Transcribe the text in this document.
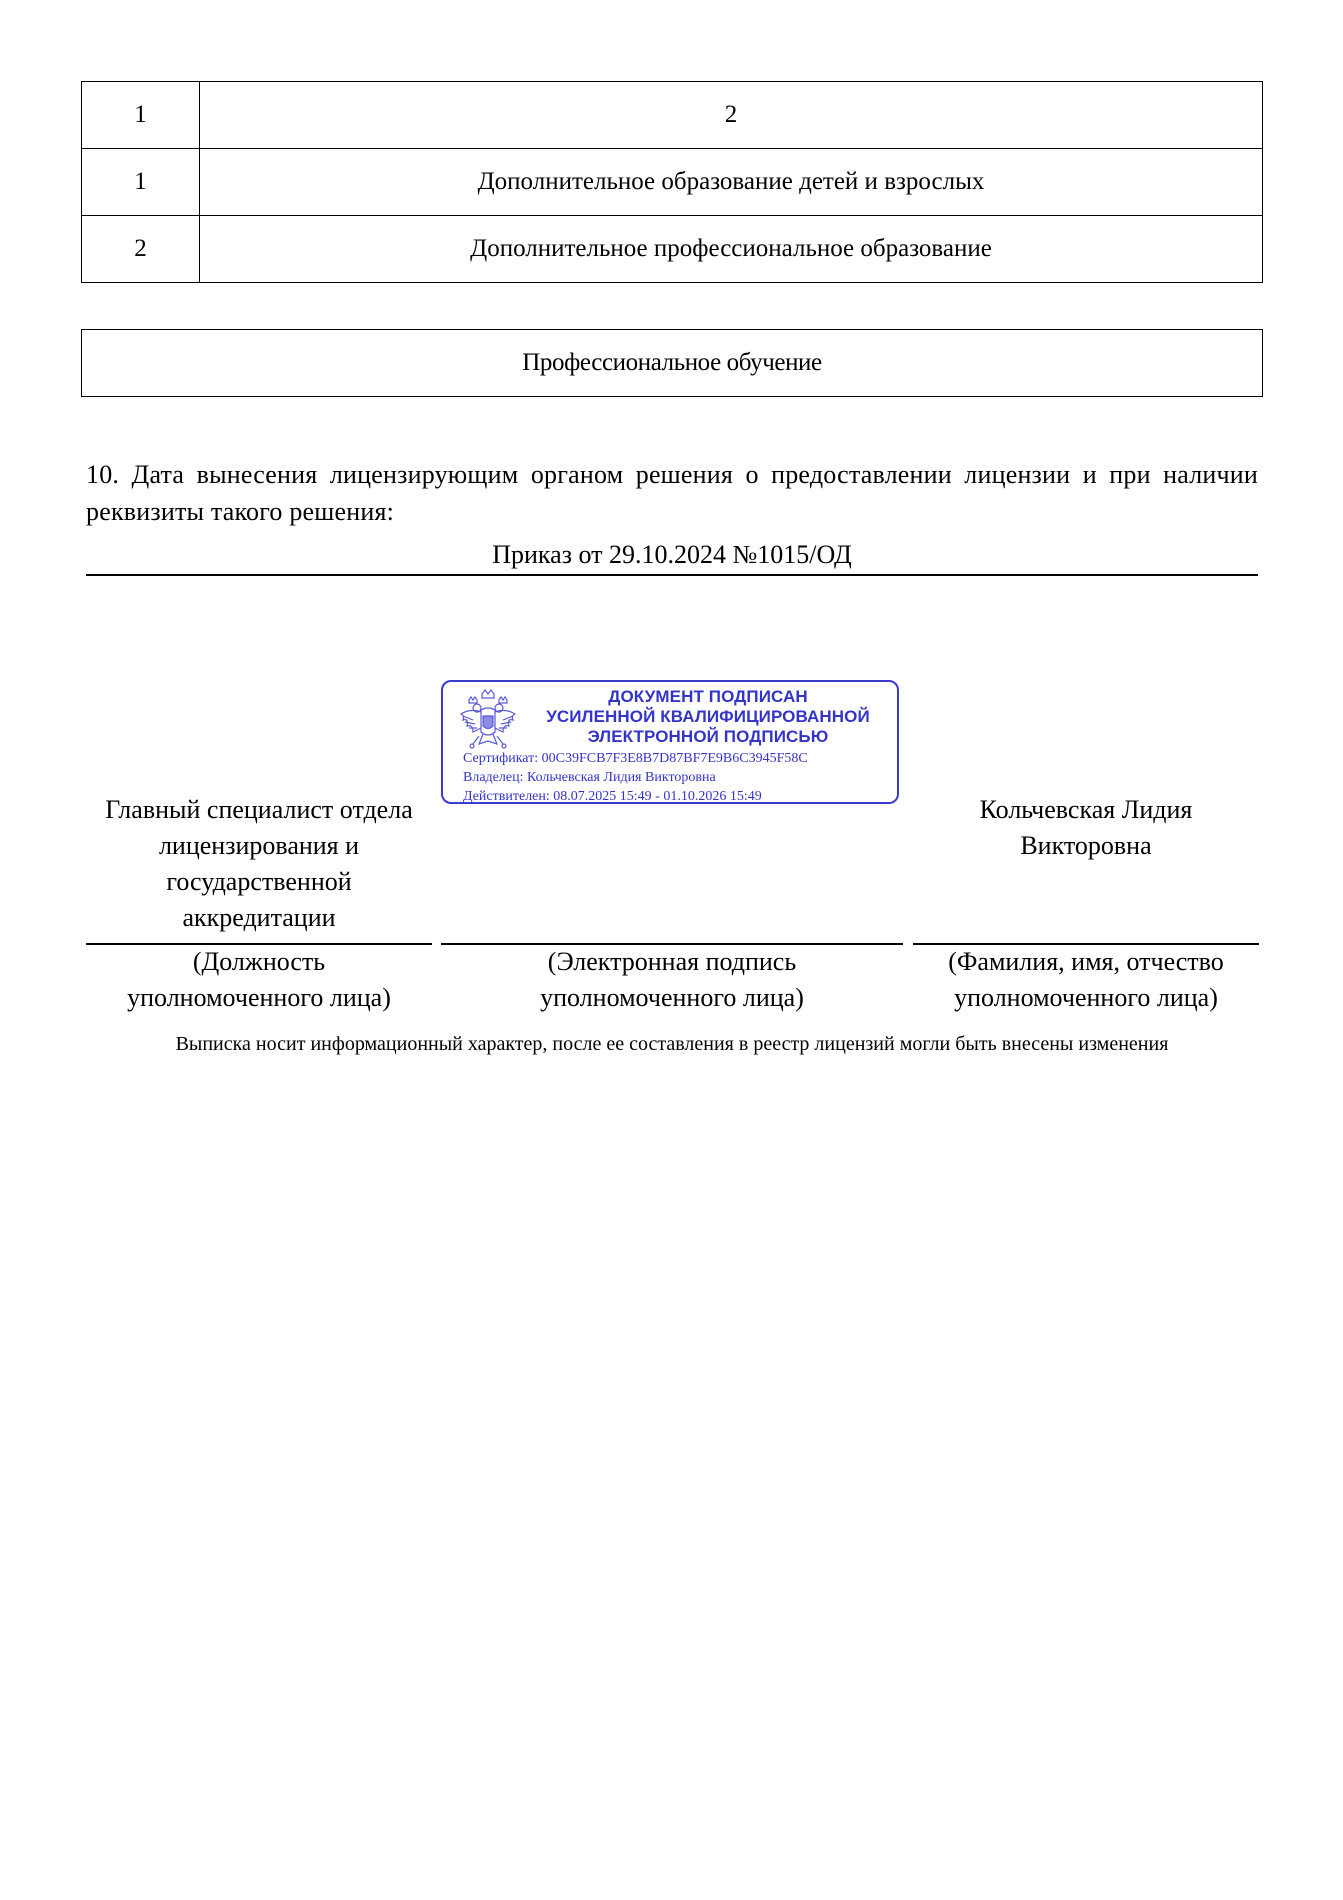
1	2
1	Дополнительное образование детей и взрослых
2	Дополнительное профессиональное образование
Профессиональное обучение
10. Дата вынесения лицензирующим органом решения о предоставлении лицензии и при наличии реквизиты такого решения:
Приказ от 29.10.2024 №1015/ОД
ДОКУМЕНТ ПОДПИСАН
УСИЛЕННОЙ КВАЛИФИЦИРОВАННОЙ
ЭЛЕКТРОННОЙ ПОДПИСЬЮ
Сертификат: 00C39FCB7F3E8B7D87BF7E9B6C3945F58C
Владелец: Кольчевская Лидия Викторовна
Действителен: 08.07.2025 15:49 - 01.10.2026 15:49
Главный специалист отдела
лицензирования и
государственной
аккредитации
Кольчевская Лидия
Викторовна
(Должность
уполномоченного лица)
(Электронная подпись
уполномоченного лица)
(Фамилия, имя, отчество
уполномоченного лица)
Выписка носит информационный характер, после ее составления в реестр лицензий могли быть внесены изменения
